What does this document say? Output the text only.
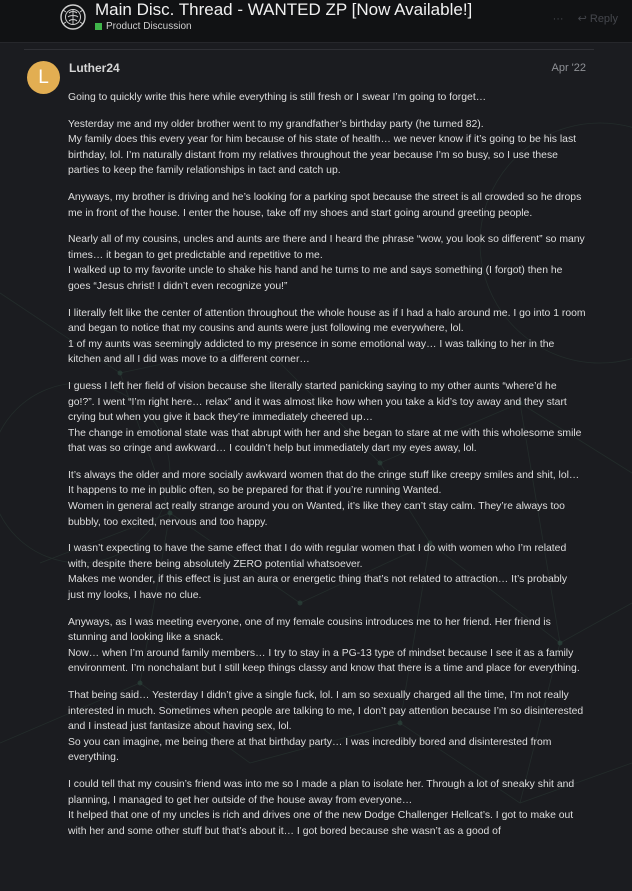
Main Disc. Thread - WANTED ZP [Now Available!]
Product Discussion
··· ↩ Reply
L	Luther24	Apr '22

Going to quickly write this here while everything is still fresh or I swear I’m going to forget…

Yesterday me and my older brother went to my grandfather’s birthday party (he turned 82).
My family does this every year for him because of his state of health… we never know if it’s going to be his last birthday, lol. I’m naturally distant from my relatives throughout the year because I’m so busy, so I use these parties to keep the family relationships in tact and catch up.

Anyways, my brother is driving and he’s looking for a parking spot because the street is all crowded so he drops me in front of the house. I enter the house, take off my shoes and start going around greeting people.

Nearly all of my cousins, uncles and aunts are there and I heard the phrase “wow, you look so different” so many times… it began to get predictable and repetitive to me.
I walked up to my favorite uncle to shake his hand and he turns to me and says something (I forgot) then he goes “Jesus christ! I didn’t even recognize you!”

I literally felt like the center of attention throughout the whole house as if I had a halo around me. I go into 1 room and began to notice that my cousins and aunts were just following me everywhere, lol.
1 of my aunts was seemingly addicted to my presence in some emotional way… I was talking to her in the kitchen and all I did was move to a different corner…

I guess I left her field of vision because she literally started panicking saying to my other aunts “where’d he go!?”. I went “I’m right here… relax” and it was almost like how when you take a kid’s toy away and they start crying but when you give it back they’re immediately cheered up…
The change in emotional state was that abrupt with her and she began to stare at me with this wholesome smile that was so cringe and awkward… I couldn’t help but immediately dart my eyes away, lol.

It’s always the older and more socially awkward women that do the cringe stuff like creepy smiles and shit, lol… It happens to me in public often, so be prepared for that if you’re running Wanted.
Women in general act really strange around you on Wanted, it’s like they can’t stay calm. They’re always too bubbly, too excited, nervous and too happy.

I wasn’t expecting to have the same effect that I do with regular women that I do with women who I’m related with, despite there being absolutely ZERO potential whatsoever.
Makes me wonder, if this effect is just an aura or energetic thing that’s not related to attraction… It’s probably just my looks, I have no clue.

Anyways, as I was meeting everyone, one of my female cousins introduces me to her friend. Her friend is stunning and looking like a snack.
Now… when I’m around family members… I try to stay in a PG-13 type of mindset because I see it as a family environment. I’m nonchalant but I still keep things classy and know that there is a time and place for everything.

That being said… Yesterday I didn’t give a single fuck, lol. I am so sexually charged all the time, I’m not really interested in much. Sometimes when people are talking to me, I don’t pay attention because I’m so disinterested and I instead just fantasize about having sex, lol.
So you can imagine, me being there at that birthday party… I was incredibly bored and disinterested from everything.

I could tell that my cousin’s friend was into me so I made a plan to isolate her. Through a lot of sneaky shit and planning, I managed to get her outside of the house away from everyone…
It helped that one of my uncles is rich and drives one of the new Dodge Challenger Hellcat’s. I got to make out with her and some other stuff but that’s about it… I got bored because she wasn’t as a good of
